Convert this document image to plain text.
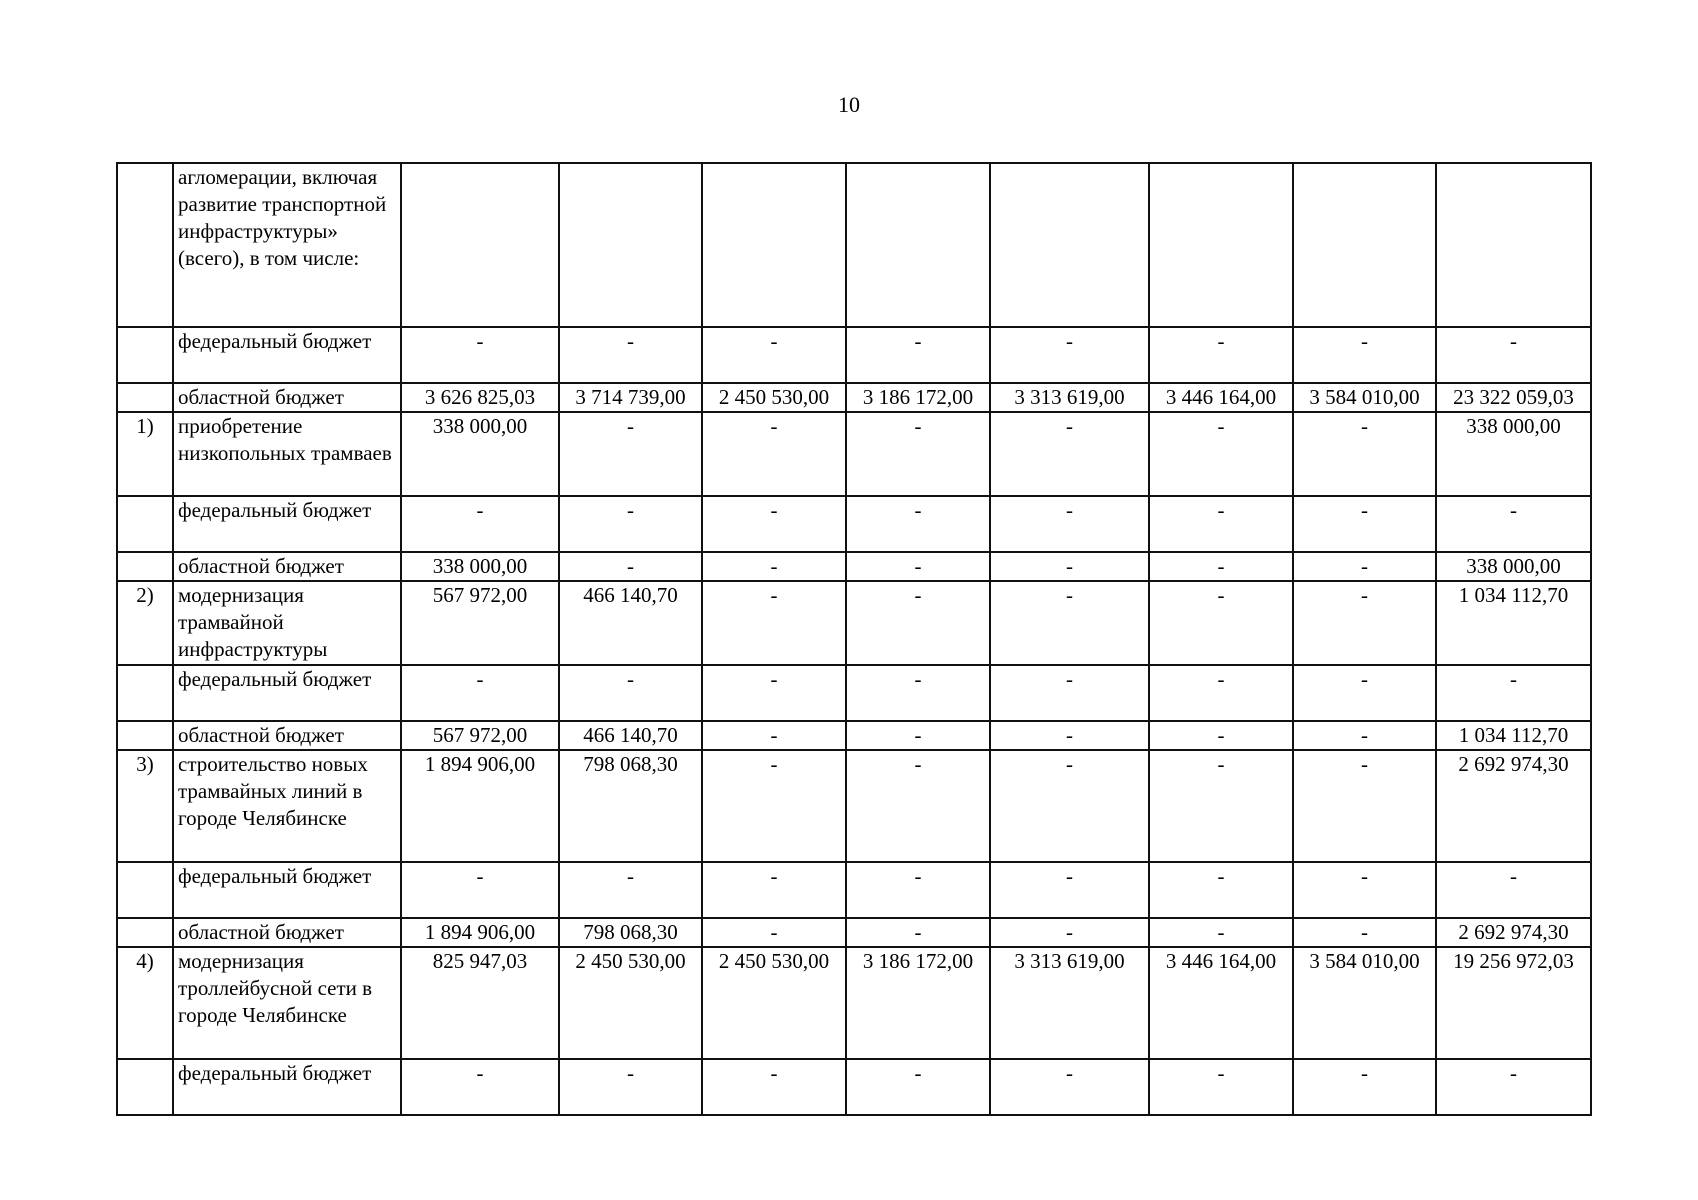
10
	агломерации, включая развитие транспортной инфраструктуры» (всего), в том числе:								
	федеральный бюджет	-	-	-	-	-	-	-	-
	областной бюджет	3 626 825,03	3 714 739,00	2 450 530,00	3 186 172,00	3 313 619,00	3 446 164,00	3 584 010,00	23 322 059,03
1)	приобретение низкопольных трамваев	338 000,00	-	-	-	-	-	-	338 000,00
	федеральный бюджет	-	-	-	-	-	-	-	-
	областной бюджет	338 000,00	-	-	-	-	-	-	338 000,00
2)	модернизация трамвайной инфраструктуры	567 972,00	466 140,70	-	-	-	-	-	1 034 112,70
	федеральный бюджет	-	-	-	-	-	-	-	-
	областной бюджет	567 972,00	466 140,70	-	-	-	-	-	1 034 112,70
3)	строительство новых трамвайных линий в городе Челябинске	1 894 906,00	798 068,30	-	-	-	-	-	2 692 974,30
	федеральный бюджет	-	-	-	-	-	-	-	-
	областной бюджет	1 894 906,00	798 068,30	-	-	-	-	-	2 692 974,30
4)	модернизация троллейбусной сети в городе Челябинске	825 947,03	2 450 530,00	2 450 530,00	3 186 172,00	3 313 619,00	3 446 164,00	3 584 010,00	19 256 972,03
	федеральный бюджет	-	-	-	-	-	-	-	-
